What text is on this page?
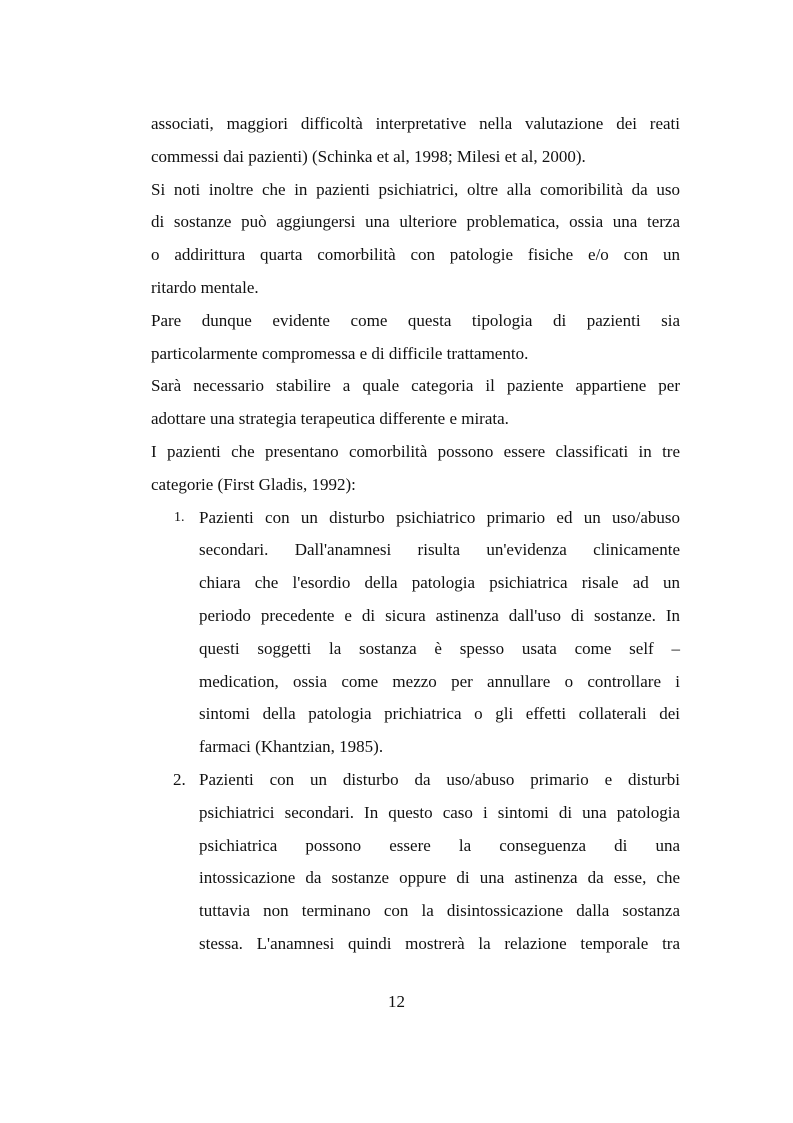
associati, maggiori difficoltà interpretative nella valutazione dei reati
commessi dai pazienti) (Schinka et al, 1998; Milesi et al, 2000).
Si noti inoltre che in pazienti psichiatrici, oltre alla comoribilità da uso
di sostanze può aggiungersi una ulteriore problematica, ossia una terza
o addirittura quarta comorbilità con patologie fisiche e/o con un
ritardo mentale.
Pare dunque evidente come questa tipologia di pazienti sia
particolarmente compromessa e di difficile trattamento.
Sarà necessario stabilire a quale categoria il paziente appartiene per
adottare una strategia terapeutica differente e mirata.
I pazienti che presentano comorbilità possono essere classificati in tre
categorie (First Gladis, 1992):
1. Pazienti con un disturbo psichiatrico primario ed un uso/abuso
secondari. Dall'anamnesi risulta un'evidenza clinicamente
chiara che l'esordio della patologia psichiatrica risale ad un
periodo precedente e di sicura astinenza dall'uso di sostanze. In
questi soggetti la sostanza è spesso usata come self –
medication, ossia come mezzo per annullare o controllare i
sintomi della patologia prichiatrica o gli effetti collaterali dei
farmaci (Khantzian, 1985).
2. Pazienti con un disturbo da uso/abuso primario e disturbi
psichiatrici secondari. In questo caso i sintomi di una patologia
psichiatrica possono essere la conseguenza di una
intossicazione da sostanze oppure di una astinenza da esse, che
tuttavia non terminano con la disintossicazione dalla sostanza
stessa. L'anamnesi quindi mostrerà la relazione temporale tra
12
